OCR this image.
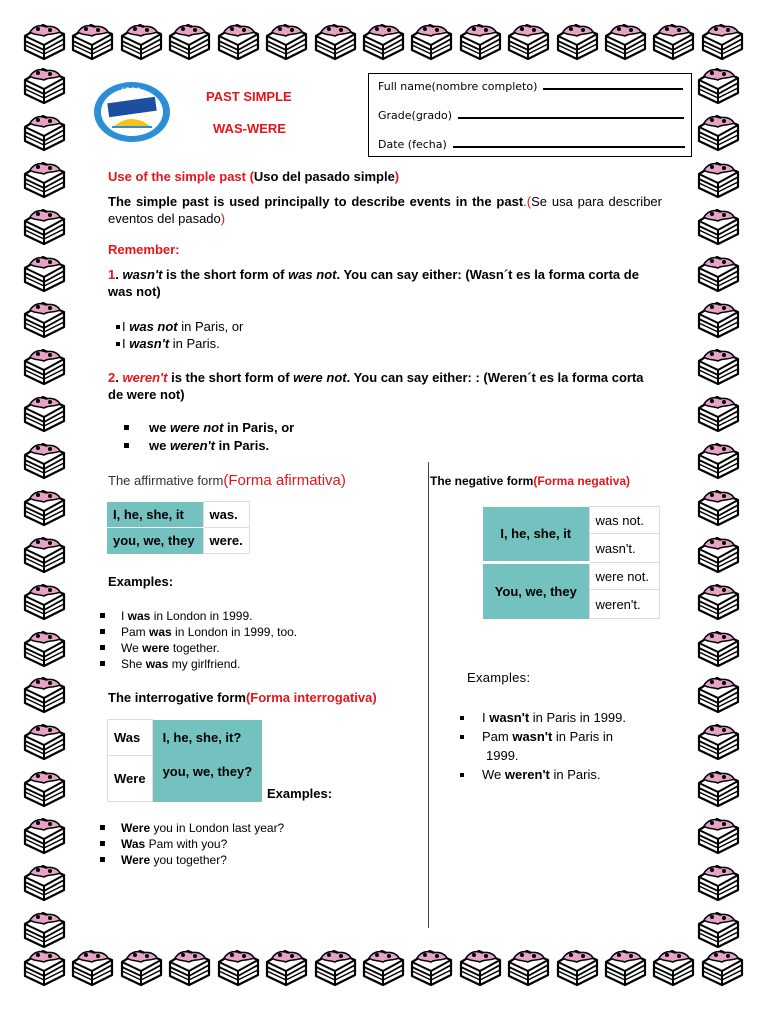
I.E.P.C.	PAST SIMPLE
WAS-WERE
Full name(nombre completo)
Grade(grado)
Date (fecha)
Use of the simple past (Uso del pasado simple)
The simple past is used principally to describe events in the past.(Se usa para describer eventos del pasado)
Remember:
1. wasn't is the short form of was not. You can say either: (Wasn´t es la forma corta de was not)
I was not in Paris, or
I wasn't in Paris.
2. weren't is the short form of were not. You can say either: : (Weren´t es la forma corta de were not)
we were not in Paris, or
we weren't in Paris.
The affirmative form(Forma afirmativa)
I, he, she, it	was.
you, we, they	were.
Examples:
I was in London in 1999.
Pam was in London in 1999, too.
We were together.
She was my girlfriend.
The interrogative form(Forma interrogativa)
Was	I, he, she, it?
Were	you, we, they?
Examples:
Were you in London last year?
Was Pam with you?
Were you together?
The negative form(Forma negativa)
I, he, she, it	was not.
	wasn't.
You, we, they	were not.
	weren't.
Examples:
I wasn't in Paris in 1999.
Pam wasn't in Paris in
1999.
We weren't in Paris.
